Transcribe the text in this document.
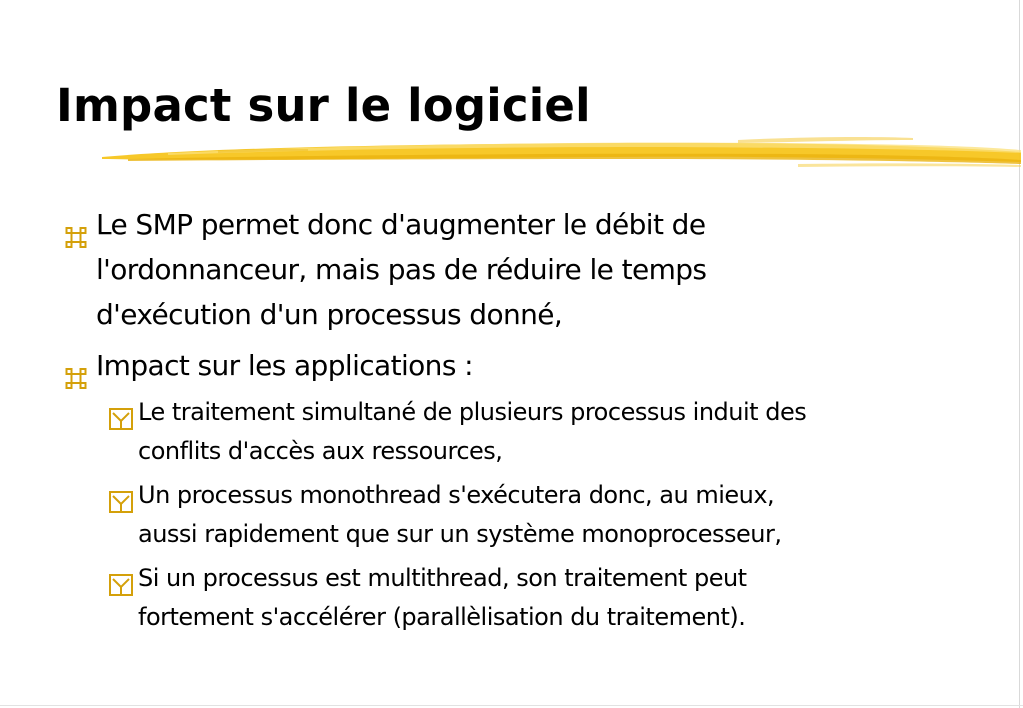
Impact sur le logiciel
Le SMP permet donc d'augmenter le débit de
l'ordonnanceur, mais pas de réduire le temps
d'exécution d'un processus donné,
Impact sur les applications :
Le traitement simultané de plusieurs processus induit des
conflits d'accès aux ressources,
Un processus monothread s'exécutera donc, au mieux,
aussi rapidement que sur un système monoprocesseur,
Si un processus est multithread, son traitement peut
fortement s'accélérer (parallèlisation du traitement).
